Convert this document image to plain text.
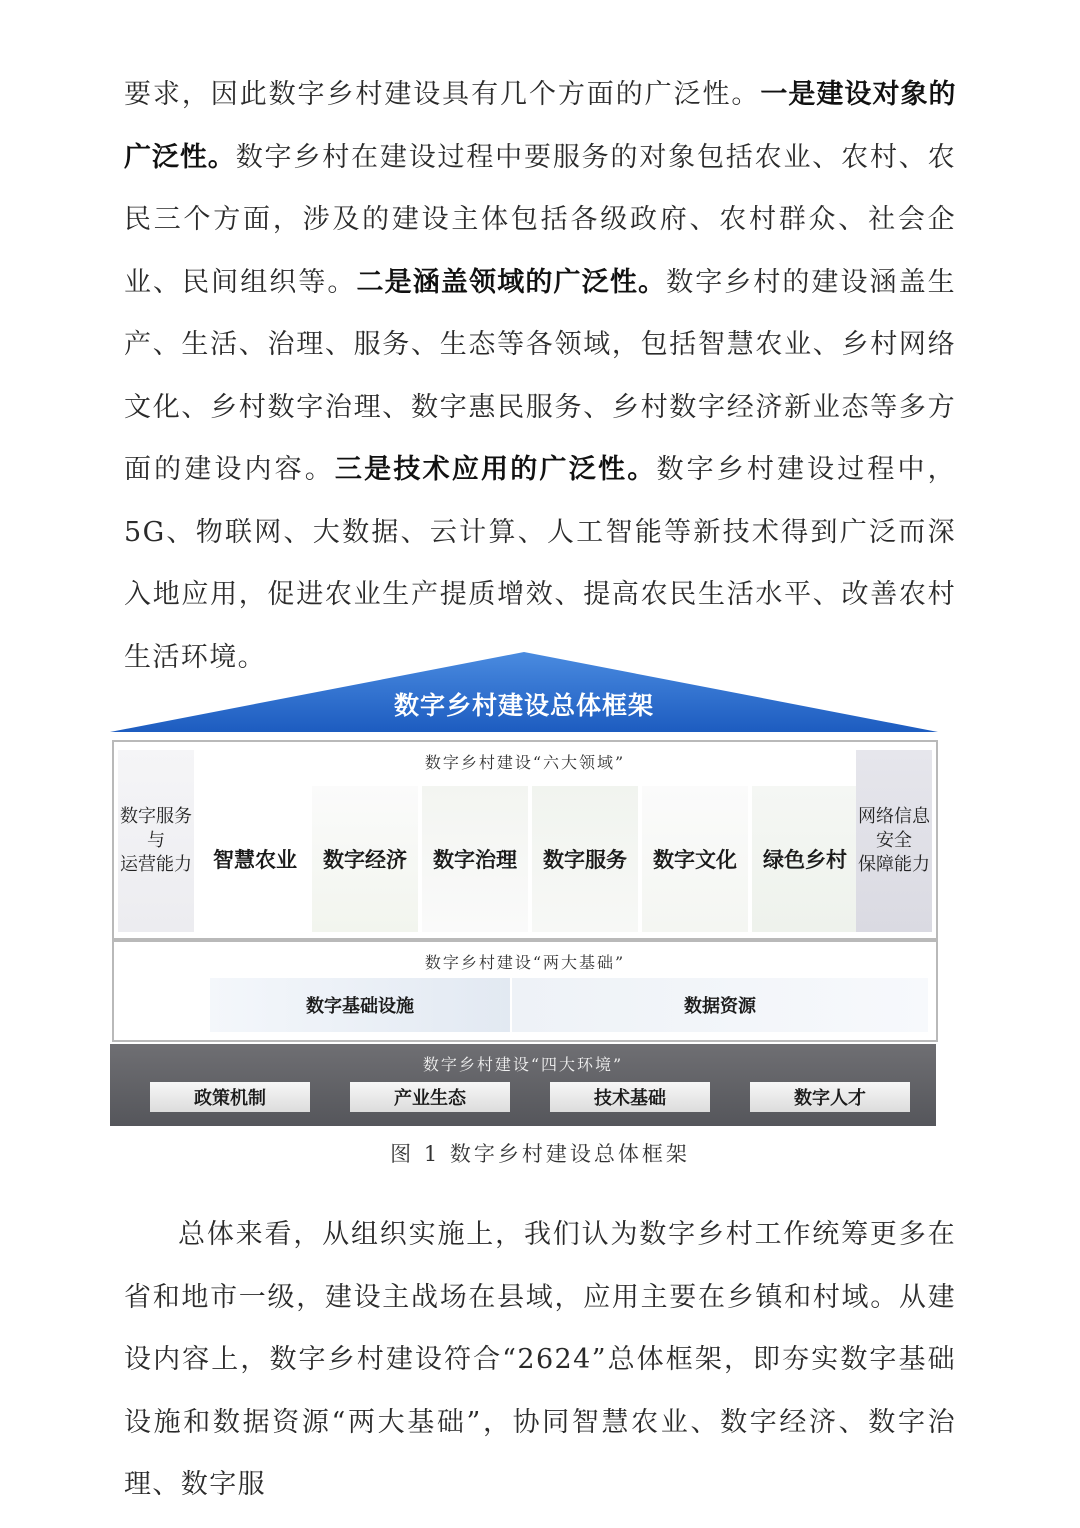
要求，因此数字乡村建设具有几个方面的广泛性。一是建设对象的广泛性。数字乡村在建设过程中要服务的对象包括农业、农村、农民三个方面，涉及的建设主体包括各级政府、农村群众、社会企业、民间组织等。二是涵盖领域的广泛性。数字乡村的建设涵盖生产、生活、治理、服务、生态等各领域，包括智慧农业、乡村网络文化、乡村数字治理、数字惠民服务、乡村数字经济新业态等多方面的建设内容。三是技术应用的广泛性。数字乡村建设过程中，5G、物联网、大数据、云计算、人工智能等新技术得到广泛而深入地应用，促进农业生产提质增效、提高农民生活水平、改善农村生活环境。

数字乡村建设总体框架
数字乡村建设“六大领域”
数字服务
与
运营能力	智慧农业	数字经济	数字治理	数字服务	数字文化	绿色乡村
网络信息
安全
保障能力
数字乡村建设“两大基础”
数字基础设施	数据资源
数字乡村建设“四大环境”
政策机制	产业生态	技术基础	数字人才
图 1 数字乡村建设总体框架

总体来看，从组织实施上，我们认为数字乡村工作统筹更多在省和地市一级，建设主战场在县域，应用主要在乡镇和村域。从建设内容上，数字乡村建设符合“2624”总体框架，即夯实数字基础设施和数据资源“两大基础”，协同智慧农业、数字经济、数字治理、数字服
